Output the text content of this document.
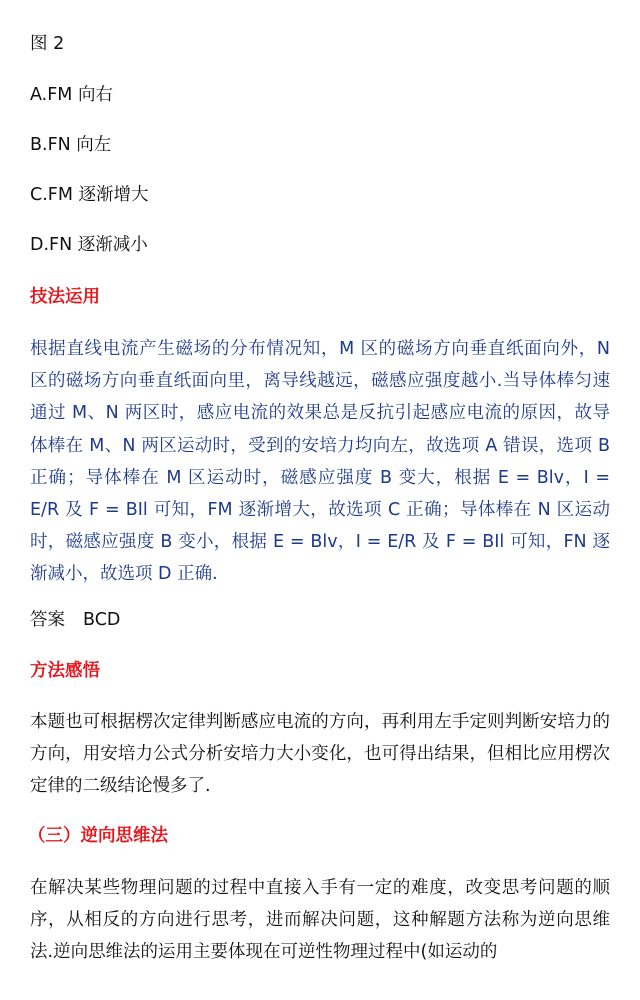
图 2

A.FM 向右

B.FN 向左

C.FM 逐渐增大

D.FN 逐渐减小

技法运用

根据直线电流产生磁场的分布情况知，M 区的磁场方向垂直纸面向外，N 区的磁场方向垂直纸面向里，离导线越远，磁感应强度越小.当导体棒匀速通过 M、N 两区时，感应电流的效果总是反抗引起感应电流的原因，故导体棒在 M、N 两区运动时，受到的安培力均向左，故选项 A 错误，选项 B 正确；导体棒在 M 区运动时，磁感应强度 B 变大，根据 E = Blv，I = E/R 及 F = BIl 可知，FM 逐渐增大，故选项 C 正确；导体棒在 N 区运动时，磁感应强度 B 变小，根据 E = Blv，I = E/R 及 F = BIl 可知，FN 逐渐减小，故选项 D 正确.

答案 BCD

方法感悟

本题也可根据楞次定律判断感应电流的方向，再利用左手定则判断安培力的方向，用安培力公式分析安培力大小变化，也可得出结果，但相比应用楞次定律的二级结论慢多了.

（三）逆向思维法

在解决某些物理问题的过程中直接入手有一定的难度，改变思考问题的顺序，从相反的方向进行思考，进而解决问题，这种解题方法称为逆向思维法.逆向思维法的运用主要体现在可逆性物理过程中(如运动的
